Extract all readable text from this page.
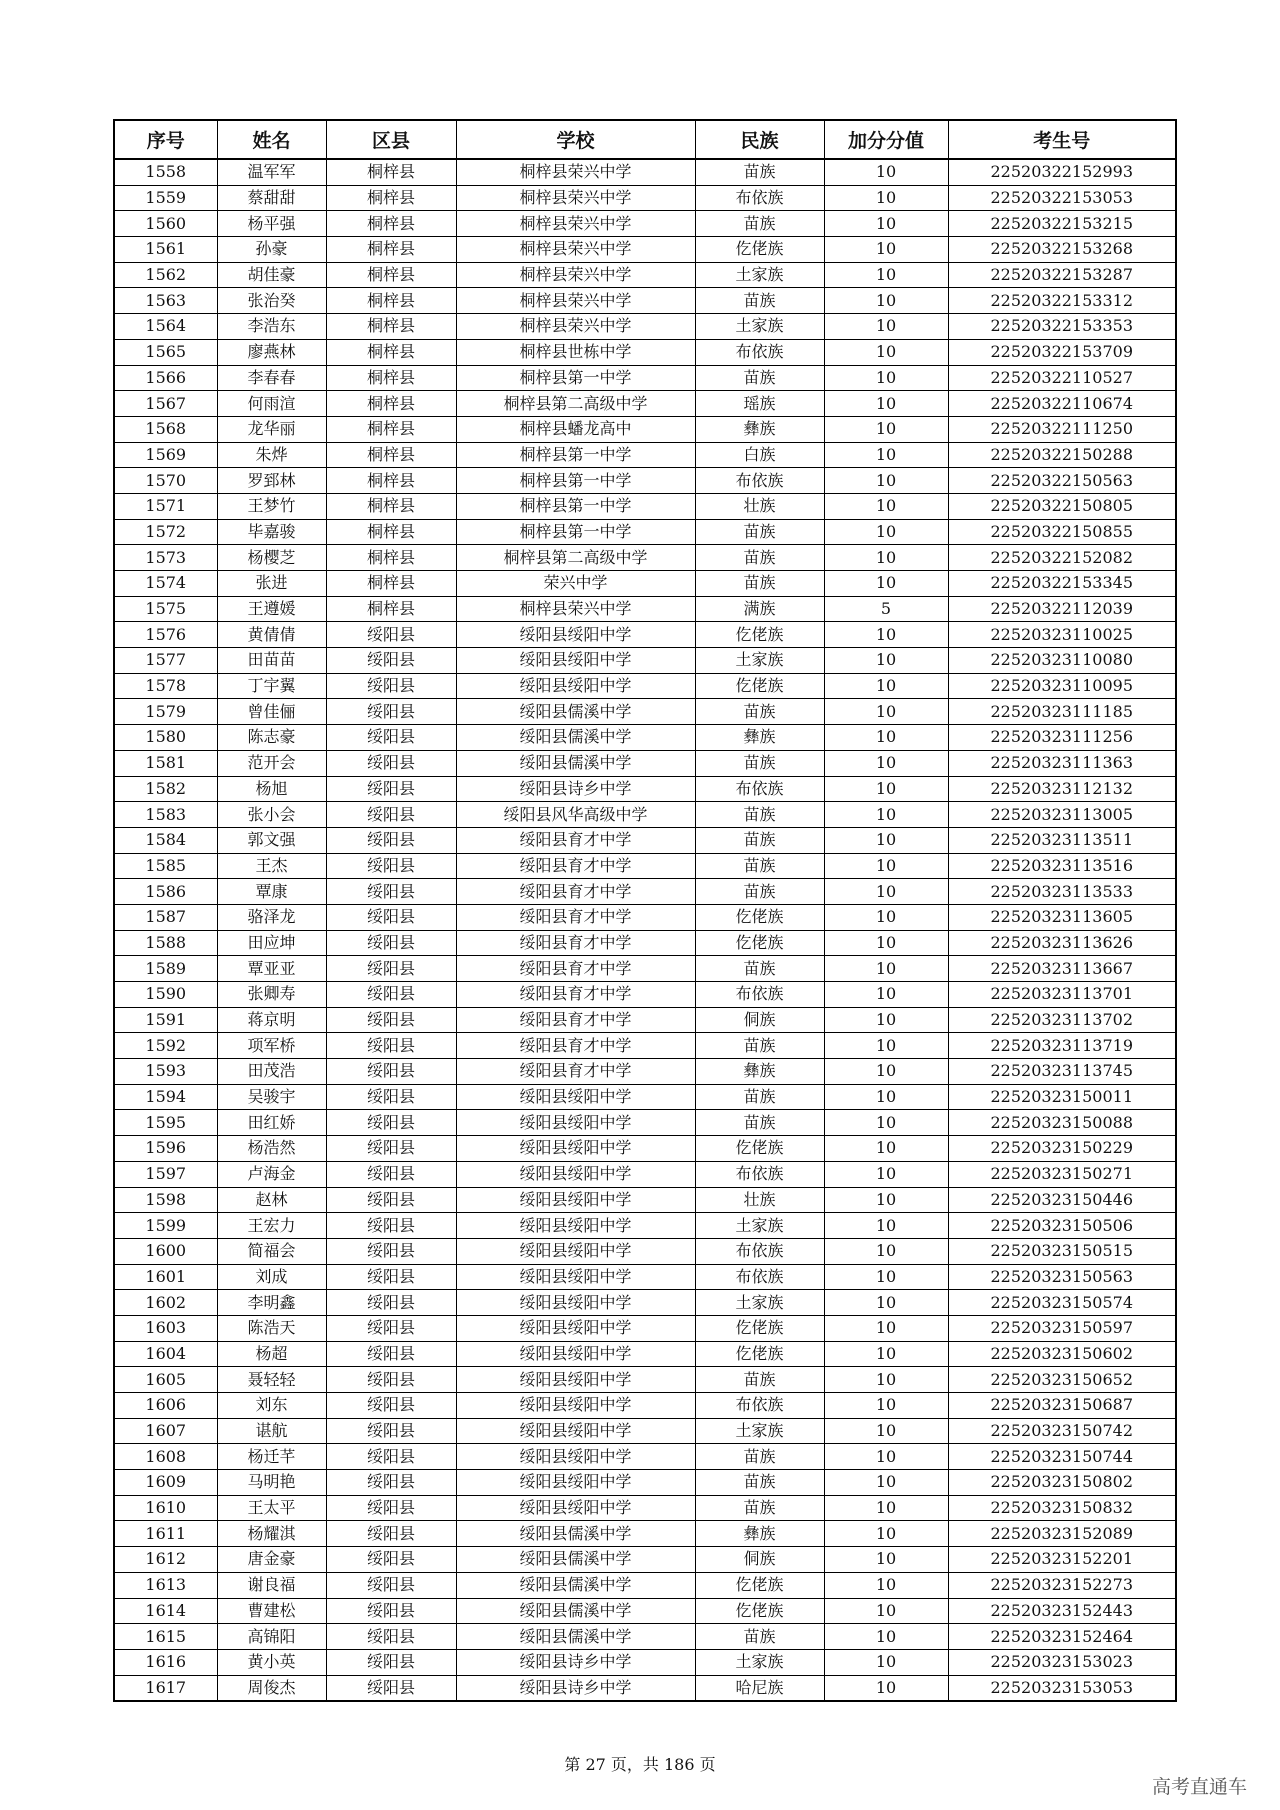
序号	姓名	区县	学校	民族	加分分值	考生号
1558	温军军	桐梓县	桐梓县荣兴中学	苗族	10	22520322152993
1559	蔡甜甜	桐梓县	桐梓县荣兴中学	布依族	10	22520322153053
1560	杨平强	桐梓县	桐梓县荣兴中学	苗族	10	22520322153215
1561	孙豪	桐梓县	桐梓县荣兴中学	仡佬族	10	22520322153268
1562	胡佳豪	桐梓县	桐梓县荣兴中学	土家族	10	22520322153287
1563	张治癸	桐梓县	桐梓县荣兴中学	苗族	10	22520322153312
1564	李浩东	桐梓县	桐梓县荣兴中学	土家族	10	22520322153353
1565	廖燕林	桐梓县	桐梓县世栋中学	布依族	10	22520322153709
1566	李春春	桐梓县	桐梓县第一中学	苗族	10	22520322110527
1567	何雨渲	桐梓县	桐梓县第二高级中学	瑶族	10	22520322110674
1568	龙华丽	桐梓县	桐梓县蟠龙高中	彝族	10	22520322111250
1569	朱烨	桐梓县	桐梓县第一中学	白族	10	22520322150288
1570	罗郅林	桐梓县	桐梓县第一中学	布依族	10	22520322150563
1571	王梦竹	桐梓县	桐梓县第一中学	壮族	10	22520322150805
1572	毕嘉骏	桐梓县	桐梓县第一中学	苗族	10	22520322150855
1573	杨樱芝	桐梓县	桐梓县第二高级中学	苗族	10	22520322152082
1574	张进	桐梓县	荣兴中学	苗族	10	22520322153345
1575	王遵媛	桐梓县	桐梓县荣兴中学	满族	5	22520322112039
1576	黄倩倩	绥阳县	绥阳县绥阳中学	仡佬族	10	22520323110025
1577	田苗苗	绥阳县	绥阳县绥阳中学	土家族	10	22520323110080
1578	丁宇翼	绥阳县	绥阳县绥阳中学	仡佬族	10	22520323110095
1579	曾佳俪	绥阳县	绥阳县儒溪中学	苗族	10	22520323111185
1580	陈志豪	绥阳县	绥阳县儒溪中学	彝族	10	22520323111256
1581	范开会	绥阳县	绥阳县儒溪中学	苗族	10	22520323111363
1582	杨旭	绥阳县	绥阳县诗乡中学	布依族	10	22520323112132
1583	张小会	绥阳县	绥阳县风华高级中学	苗族	10	22520323113005
1584	郭文强	绥阳县	绥阳县育才中学	苗族	10	22520323113511
1585	王杰	绥阳县	绥阳县育才中学	苗族	10	22520323113516
1586	覃康	绥阳县	绥阳县育才中学	苗族	10	22520323113533
1587	骆泽龙	绥阳县	绥阳县育才中学	仡佬族	10	22520323113605
1588	田应坤	绥阳县	绥阳县育才中学	仡佬族	10	22520323113626
1589	覃亚亚	绥阳县	绥阳县育才中学	苗族	10	22520323113667
1590	张卿寿	绥阳县	绥阳县育才中学	布依族	10	22520323113701
1591	蒋京明	绥阳县	绥阳县育才中学	侗族	10	22520323113702
1592	项军桥	绥阳县	绥阳县育才中学	苗族	10	22520323113719
1593	田茂浩	绥阳县	绥阳县育才中学	彝族	10	22520323113745
1594	吴骏宇	绥阳县	绥阳县绥阳中学	苗族	10	22520323150011
1595	田红娇	绥阳县	绥阳县绥阳中学	苗族	10	22520323150088
1596	杨浩然	绥阳县	绥阳县绥阳中学	仡佬族	10	22520323150229
1597	卢海金	绥阳县	绥阳县绥阳中学	布依族	10	22520323150271
1598	赵林	绥阳县	绥阳县绥阳中学	壮族	10	22520323150446
1599	王宏力	绥阳县	绥阳县绥阳中学	土家族	10	22520323150506
1600	简福会	绥阳县	绥阳县绥阳中学	布依族	10	22520323150515
1601	刘成	绥阳县	绥阳县绥阳中学	布依族	10	22520323150563
1602	李明鑫	绥阳县	绥阳县绥阳中学	土家族	10	22520323150574
1603	陈浩天	绥阳县	绥阳县绥阳中学	仡佬族	10	22520323150597
1604	杨超	绥阳县	绥阳县绥阳中学	仡佬族	10	22520323150602
1605	聂轻轻	绥阳县	绥阳县绥阳中学	苗族	10	22520323150652
1606	刘东	绥阳县	绥阳县绥阳中学	布依族	10	22520323150687
1607	谌航	绥阳县	绥阳县绥阳中学	土家族	10	22520323150742
1608	杨迁芊	绥阳县	绥阳县绥阳中学	苗族	10	22520323150744
1609	马明艳	绥阳县	绥阳县绥阳中学	苗族	10	22520323150802
1610	王太平	绥阳县	绥阳县绥阳中学	苗族	10	22520323150832
1611	杨耀淇	绥阳县	绥阳县儒溪中学	彝族	10	22520323152089
1612	唐金豪	绥阳县	绥阳县儒溪中学	侗族	10	22520323152201
1613	谢良福	绥阳县	绥阳县儒溪中学	仡佬族	10	22520323152273
1614	曹建松	绥阳县	绥阳县儒溪中学	仡佬族	10	22520323152443
1615	高锦阳	绥阳县	绥阳县儒溪中学	苗族	10	22520323152464
1616	黄小英	绥阳县	绥阳县诗乡中学	土家族	10	22520323153023
1617	周俊杰	绥阳县	绥阳县诗乡中学	哈尼族	10	22520323153053
第 27 页，共 186 页
高考直通车
